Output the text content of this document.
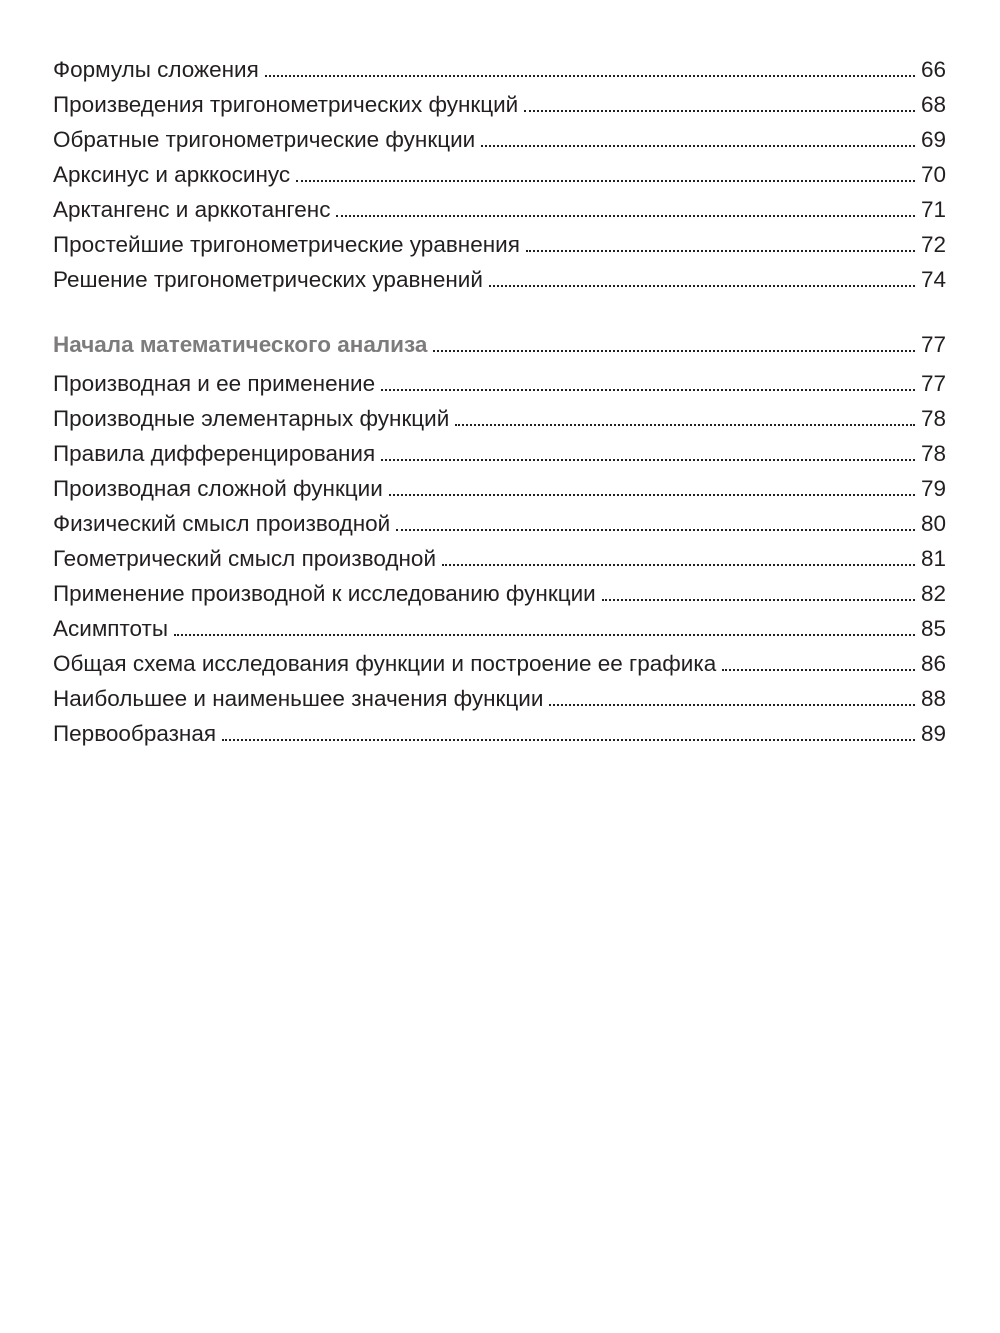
Формулы сложения	66
Произведения тригонометрических функций	68
Обратные тригонометрические функции	69
Арксинус и арккосинус	70
Арктангенс и арккотангенс	71
Простейшие тригонометрические уравнения	72
Решение тригонометрических уравнений	74
Начала математического анализа	77
Производная и ее применение	77
Производные элементарных функций	78
Правила дифференцирования	78
Производная сложной функции	79
Физический смысл производной	80
Геометрический смысл производной	81
Применение производной к исследованию функции	82
Асимптоты	85
Общая схема исследования функции и построение ее графика	86
Наибольшее и наименьшее значения функции	88
Первообразная	89
